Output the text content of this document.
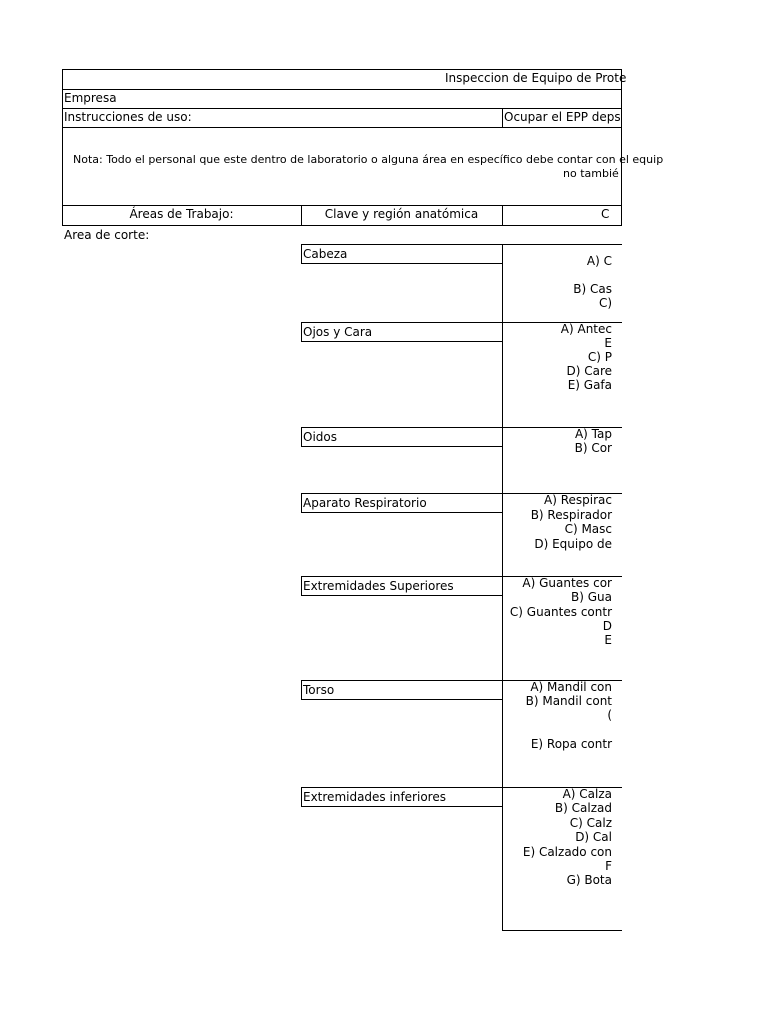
Inspeccion de Equipo de Prote
Empresa
Instrucciones de uso:	Ocupar el EPP deps
Nota: Todo el personal que este dentro de laboratorio o alguna área en específico debe contar con el equip
no tambié
Áreas de Trabajo:	Clave y región anatómica	C
Area de corte:
Cabeza	A) C
B) Cas
C)
Ojos y Cara	A) Antec
E
C) P
D) Care
E) Gafa
Oidos	A) Tap
B) Cor
Aparato Respiratorio	A) Respirac
B) Respirador
C) Masc
D) Equipo de
Extremidades Superiores	A) Guantes cor
B) Gua
C) Guantes contr
D
E
Torso	A) Mandil con
B) Mandil cont
(
E) Ropa contr
Extremidades inferiores	A) Calza
B) Calzad
C) Calz
D) Cal
E) Calzado con
F
G) Bota
